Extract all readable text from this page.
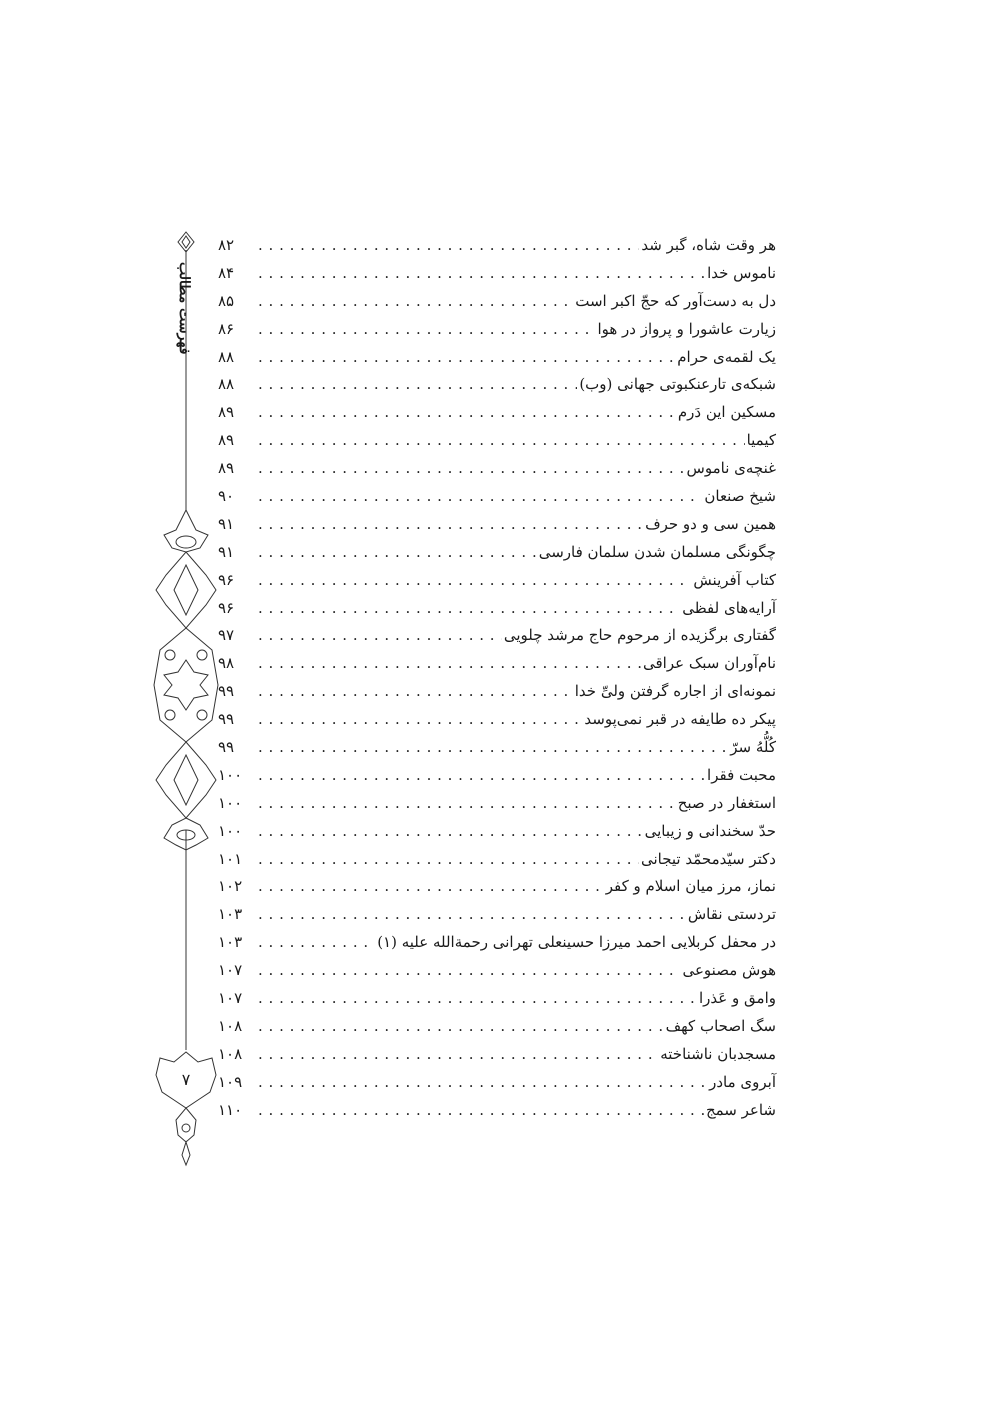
فهرست مطالب
۷
هر وقت شاه، گبر شد
. . .
۸۲
ناموس خدا
. . .
۸۴
دل به دست‌آور که حجّ اکبر است
. . .
۸۵
زیارت عاشورا و پرواز در هوا
. . .
۸۶
یک لقمه‌ی حرام
. . .
۸۸
شبکه‌ی تارعنکبوتی جهانی (وب)
. . .
۸۸
مسکین این دَرم
. . .
۸۹
کیمیا
. . .
۸۹
غنچه‌ی ناموس
. . .
۸۹
شیخ صنعان
. . .
۹۰
همین سی و دو حرف
. . .
۹۱
چگونگی مسلمان شدن سلمان فارسی
. . .
۹۱
کتاب آفرینش
. . .
۹۶
آرایه‌های لفظی
. . .
۹۶
گفتاری برگزیده از مرحوم حاج مرشد چلویی
. . .
۹۷
نام‌آوران سبک عراقی
. . .
۹۸
نمونه‌ای از اجاره گرفتن ولیِّ خدا
. . .
۹۹
پیکر ده طایفه در قبر نمی‌پوسد
. . .
۹۹
کُلُّهُ سرّ
. . .
۹۹
محبت فقرا
. . .
۱۰۰
استغفار در صبح
. . .
۱۰۰
حدّ سخندانی و زیبایی
. . .
۱۰۰
دکتر سیّدمحمّد تیجانی
. . .
۱۰۱
نماز، مرز میان اسلام و کفر
. . .
۱۰۲
تردستی نقاش
. . .
۱۰۳
در محفل کربلایی احمد میرزا حسینعلی تهرانی رحمةالله علیه (۱)
. . .
۱۰۳
هوش مصنوعی
. . .
۱۰۷
وامق و عَذرا
. . .
۱۰۷
سگ اصحاب کهف
. . .
۱۰۸
مسجدبان ناشناخته
. . .
۱۰۸
آبروی مادر
. . .
۱۰۹
شاعر سمج
. . .
۱۱۰
